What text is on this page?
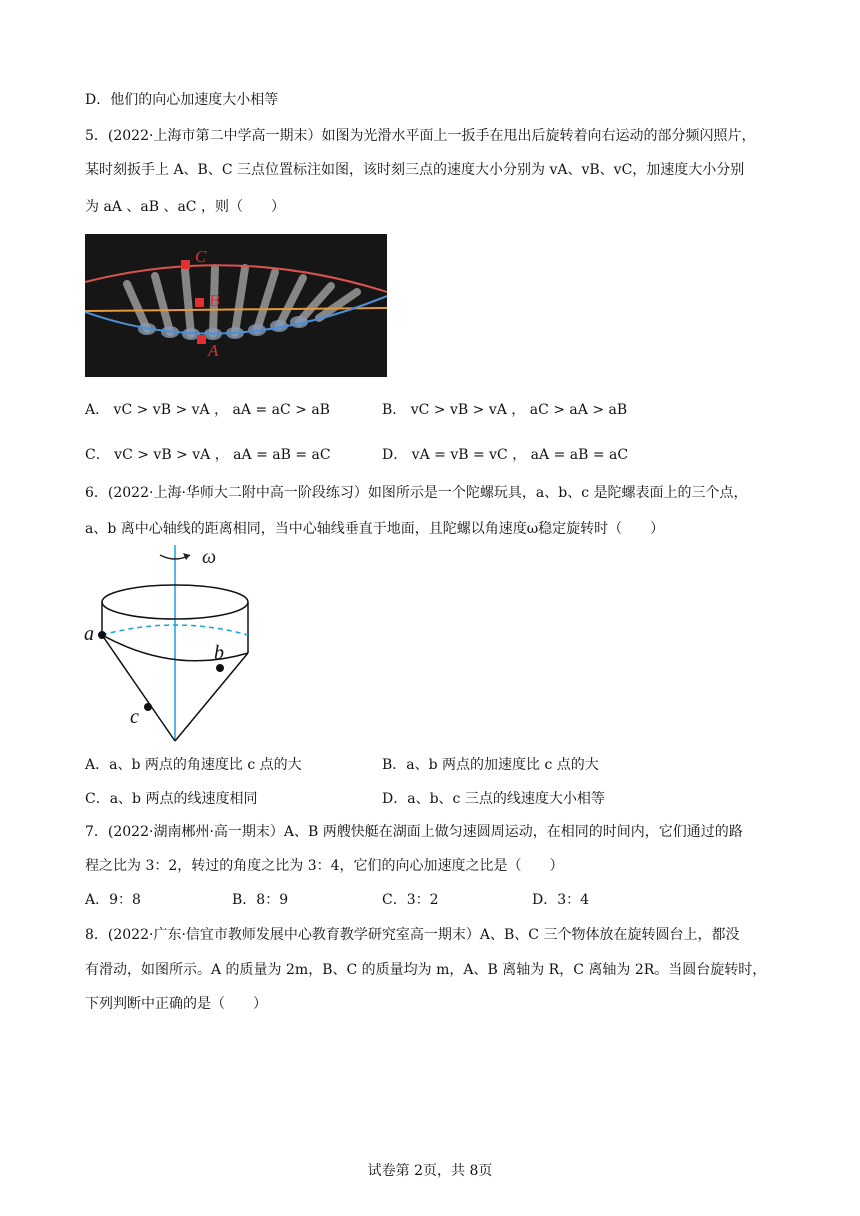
D．他们的向心加速度大小相等
5．(2022·上海市第二中学高一期末）如图为光滑水平面上一扳手在甩出后旋转着向右运动的部分频闪照片，
某时刻扳手上 A、B、C 三点位置标注如图，该时刻三点的速度大小分别为 vA、vB、vC，加速度大小分别
为 aA 、aB 、aC ，则（　　）
C
B
A
A． vC > vB > vA ， aA = aC > aB	B． vC > vB > vA ， aC > aA > aB
C． vC > vB > vA ， aA = aB = aC	D． vA = vB = vC ， aA = aB = aC
6．(2022·上海·华师大二附中高一阶段练习）如图所示是一个陀螺玩具，a、b、c 是陀螺表面上的三个点，
a、b 离中心轴线的距离相同，当中心轴线垂直于地面，且陀螺以角速度ω稳定旋转时（　　）
ω
a
b
c
A．a、b 两点的角速度比 c 点的大	B．a、b 两点的加速度比 c 点的大
C．a、b 两点的线速度相同	D．a、b、c 三点的线速度大小相等
7．(2022·湖南郴州·高一期末）A、B 两艘快艇在湖面上做匀速圆周运动，在相同的时间内，它们通过的路
程之比为 3：2，转过的角度之比为 3：4，它们的向心加速度之比是（　　）
A．9：8	B．8：9	C．3：2	D．3：4
8．(2022·广东·信宜市教师发展中心教育教学研究室高一期末）A、B、C 三个物体放在旋转圆台上，都没
有滑动，如图所示。A 的质量为 2m，B、C 的质量均为 m，A、B 离轴为 R，C 离轴为 2R。当圆台旋转时，
下列判断中正确的是（　　）
试卷第 2页，共 8页
